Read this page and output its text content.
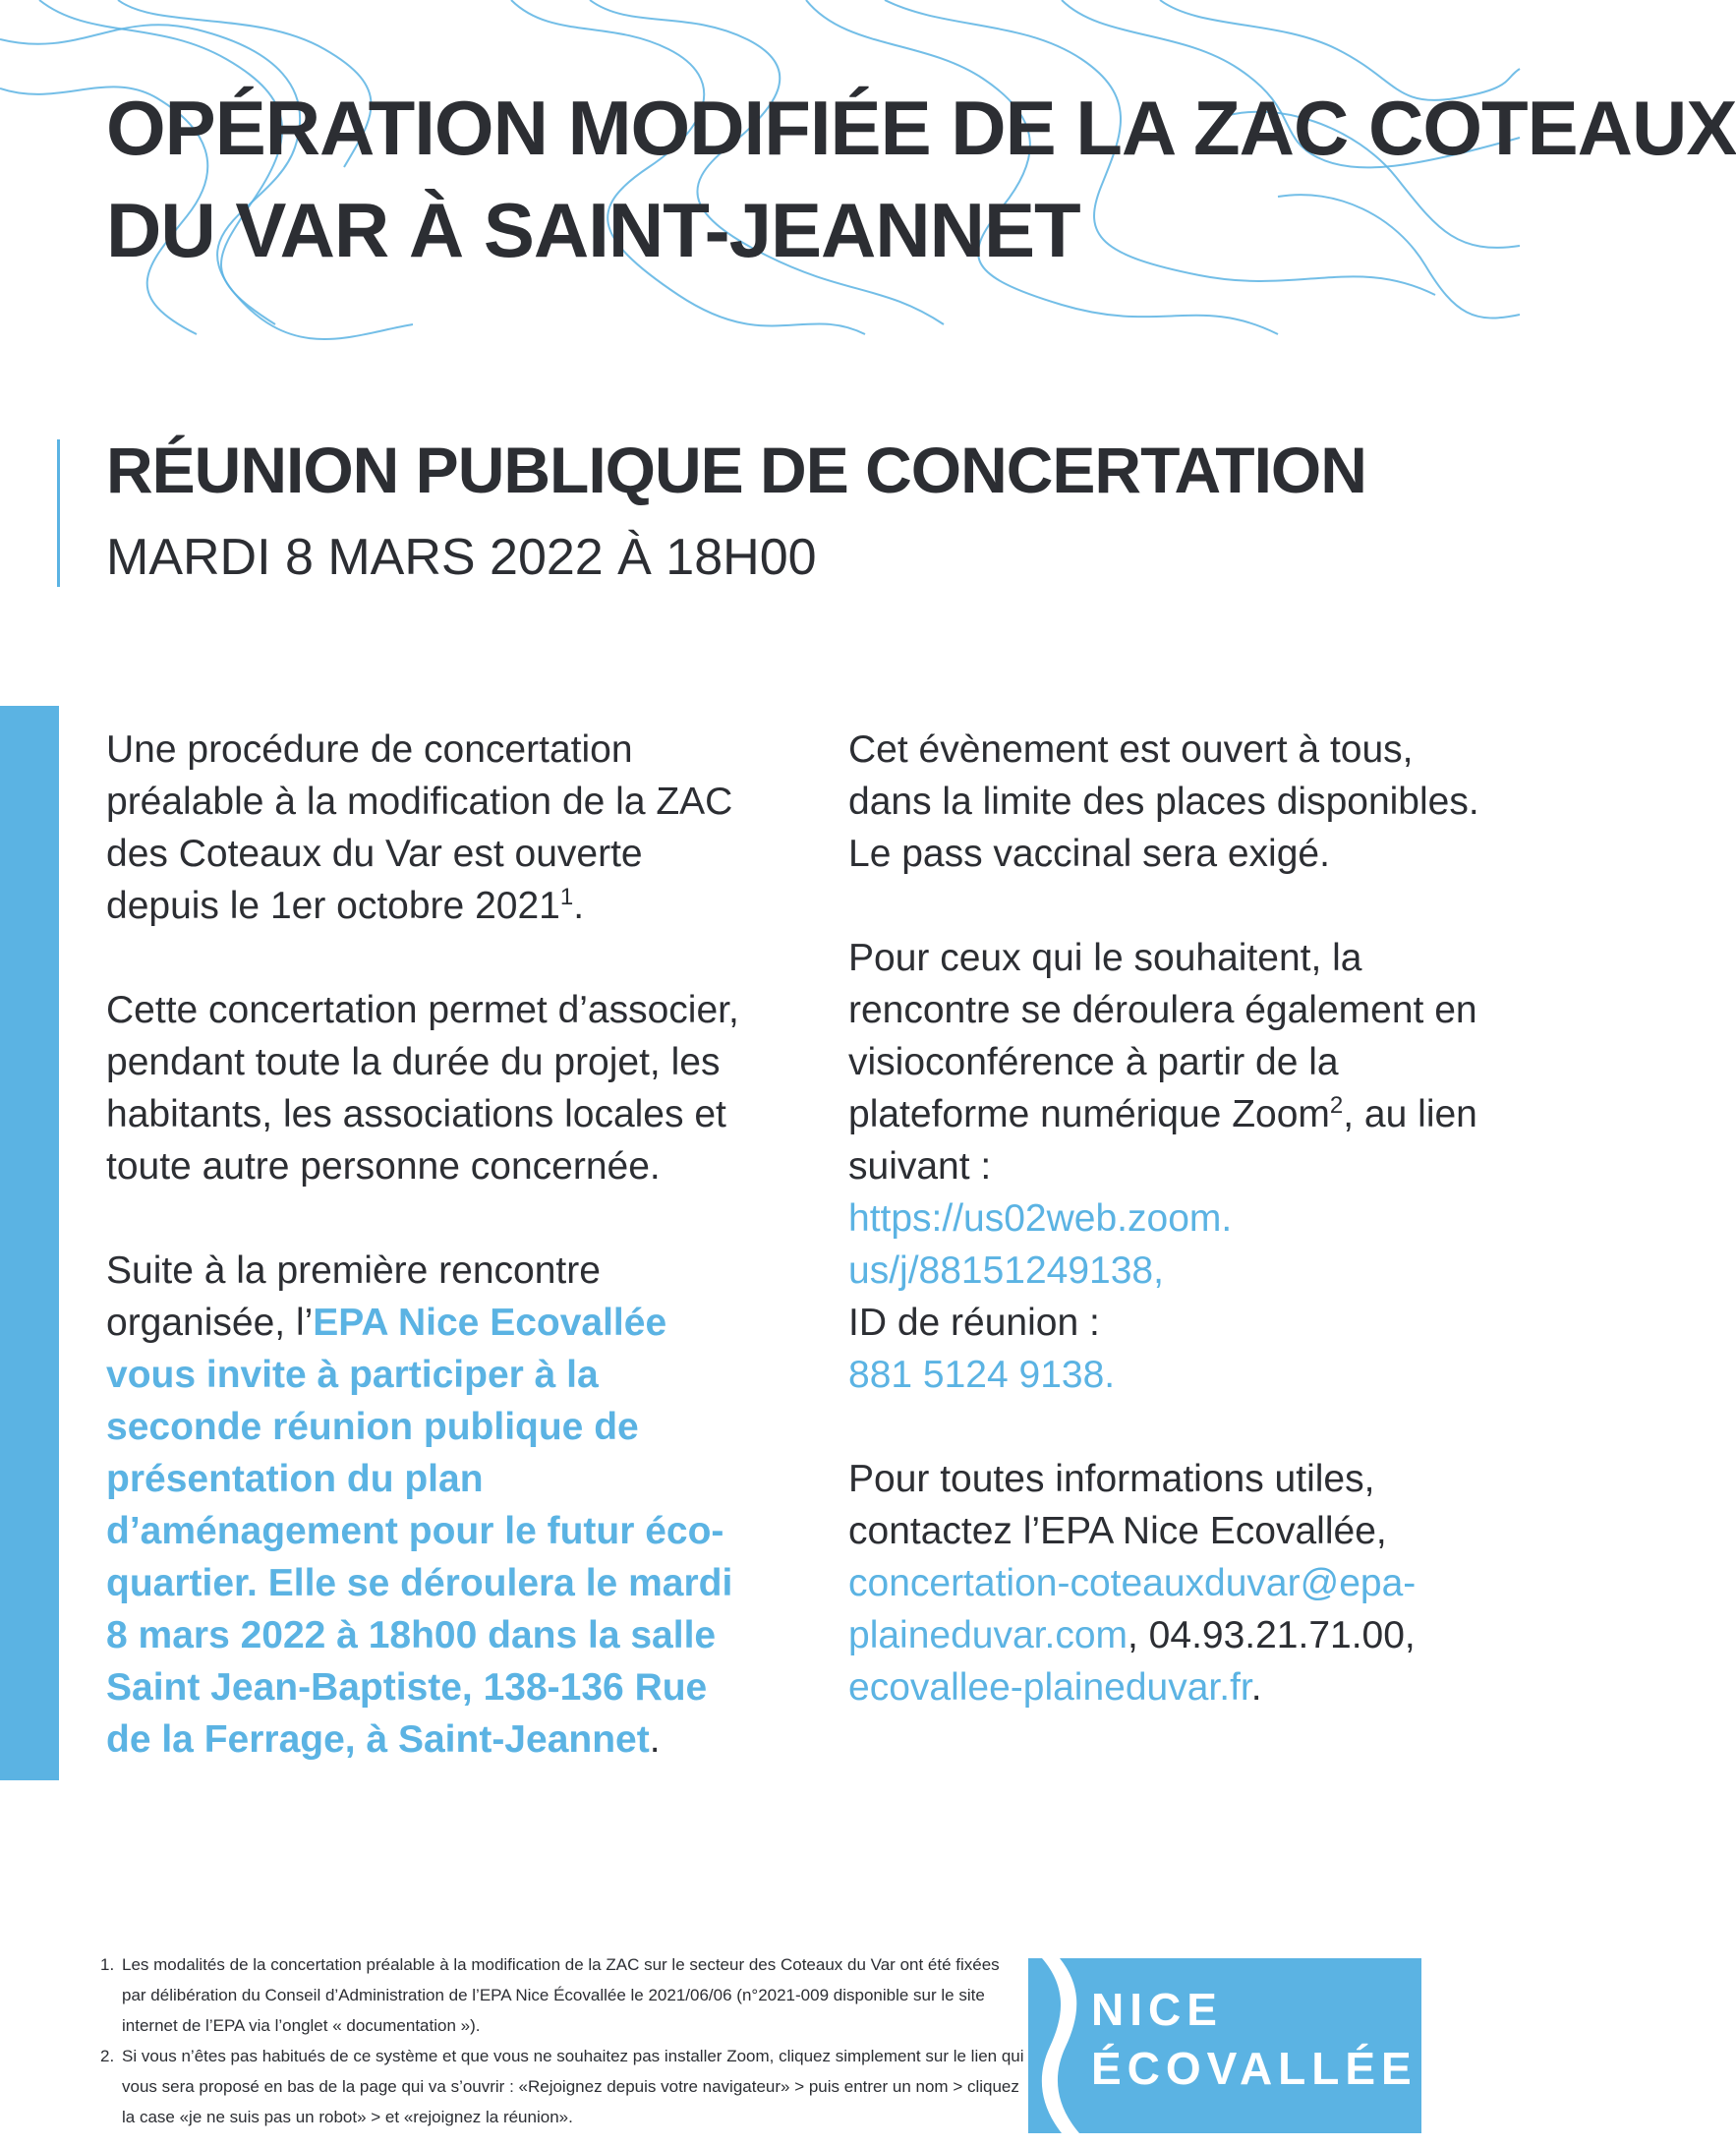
OPÉRATION MODIFIÉE DE LA ZAC COTEAUX
DU VAR À SAINT-JEANNET
RÉUNION PUBLIQUE DE CONCERTATION

MARDI 8 MARS 2022 À 18H00

Une procédure de concertation préalable à la modification de la ZAC des Coteaux du Var est ouverte depuis le 1er octobre 2021$^1$.

Cette concertation permet d’associer, pendant toute la durée du projet, les habitants, les associations locales et toute autre personne concernée.

Suite à la première rencontre organisée, l’EPA Nice Ecovallée vous invite à participer à la seconde réunion publique de présentation du plan d’aménagement pour le futur éco-quartier. Elle se déroulera le mardi 8 mars 2022 à 18h00 dans la salle Saint Jean-Baptiste, 138-136 Rue de la Ferrage, à Saint-Jeannet.

Cet évènement est ouvert à tous, dans la limite des places disponibles. Le pass vaccinal sera exigé.

Pour ceux qui le souhaitent, la rencontre se déroulera également en visioconférence à partir de la plateforme numérique Zoom$^2$, au lien suivant :
https://us02web.zoom.
us/j/88151249138,
ID de réunion :
881 5124 9138.

Pour toutes informations utiles, contactez l’EPA Nice Ecovallée,
concertation-coteauxduvar@epa-
plaineduvar.com, 04.93.21.71.00,
ecovallee-plaineduvar.fr.

1. Les modalités de la concertation préalable à la modification de la ZAC sur le secteur des Coteaux du Var ont été fixées par délibération du Conseil d’Administration de l’EPA Nice Écovallée le 2021/06/06 (n°2021-009 disponible sur le site internet de l’EPA via l’onglet « documentation »).
2. Si vous n’êtes pas habitués de ce système et que vous ne souhaitez pas installer Zoom, cliquez simplement sur le lien qui vous sera proposé en bas de la page qui va s’ouvrir : «Rejoignez depuis votre navigateur» > puis entrer un nom > cliquez la case «je ne suis pas un robot» > et «rejoignez la réunion».
NICE
ÉCOVALLÉE
